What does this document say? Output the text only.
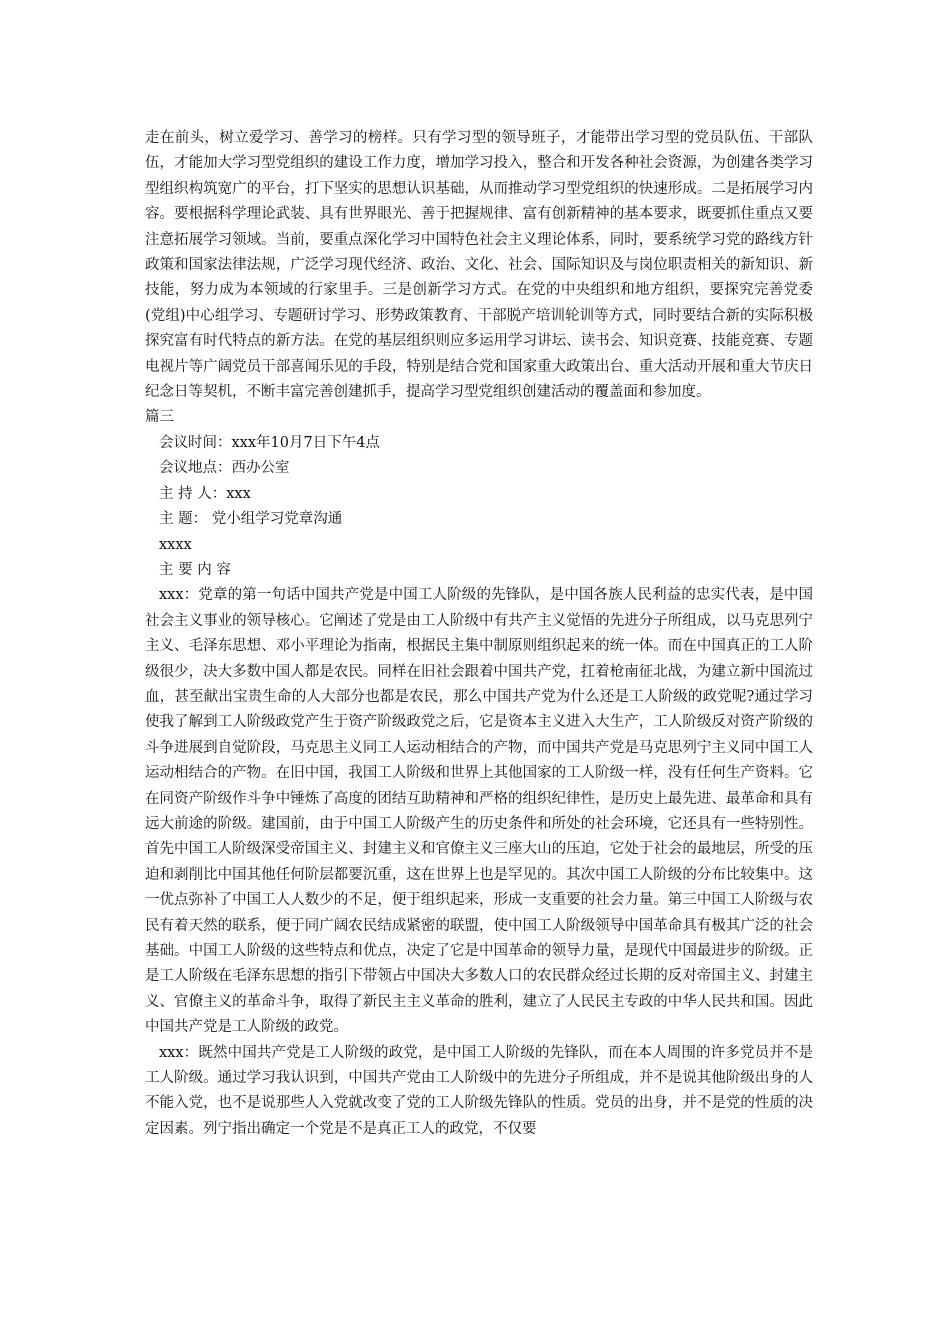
走在前头，树立爱学习、善学习的榜样。只有学习型的领导班子，才能带出学习型的党员队伍、干部队伍，才能加大学习型党组织的建设工作力度，增加学习投入，整合和开发各种社会资源，为创建各类学习型组织构筑宽广的平台，打下坚实的思想认识基础，从而推动学习型党组织的快速形成。二是拓展学习内容。要根据科学理论武装、具有世界眼光、善于把握规律、富有创新精神的基本要求，既要抓住重点又要注意拓展学习领域。当前，要重点深化学习中国特色社会主义理论体系，同时，要系统学习党的路线方针政策和国家法律法规，广泛学习现代经济、政治、文化、社会、国际知识及与岗位职责相关的新知识、新技能，努力成为本领域的行家里手。三是创新学习方式。在党的中央组织和地方组织，要探究完善党委(党组)中心组学习、专题研讨学习、形势政策教育、干部脱产培训轮训等方式，同时要结合新的实际积极探究富有时代特点的新方法。在党的基层组织则应多运用学习讲坛、读书会、知识竞赛、技能竞赛、专题电视片等广阔党员干部喜闻乐见的手段，特别是结合党和国家重大政策出台、重大活动开展和重大节庆日纪念日等契机，不断丰富完善创建抓手，提高学习型党组织创建活动的覆盖面和参加度。

篇三

会议时间：xxx年10月7日下午4点

会议地点：西办公室

主 持 人：xxx

主 题： 党小组学习党章沟通

xxxx

主 要 内 容

xxx：党章的第一句话中国共产党是中国工人阶级的先锋队，是中国各族人民利益的忠实代表，是中国社会主义事业的领导核心。它阐述了党是由工人阶级中有共产主义觉悟的先进分子所组成，以马克思列宁主义、毛泽东思想、邓小平理论为指南，根据民主集中制原则组织起来的统一体。而在中国真正的工人阶级很少，决大多数中国人都是农民。同样在旧社会跟着中国共产党，扛着枪南征北战，为建立新中国流过血，甚至献出宝贵生命的人大部分也都是农民，那么中国共产党为什么还是工人阶级的政党呢?通过学习使我了解到工人阶级政党产生于资产阶级政党之后，它是资本主义进入大生产，工人阶级反对资产阶级的斗争进展到自觉阶段，马克思主义同工人运动相结合的产物，而中国共产党是马克思列宁主义同中国工人运动相结合的产物。在旧中国，我国工人阶级和世界上其他国家的工人阶级一样，没有任何生产资料。它在同资产阶级作斗争中锤炼了高度的团结互助精神和严格的组织纪律性，是历史上最先进、最革命和具有远大前途的阶级。建国前，由于中国工人阶级产生的历史条件和所处的社会环境，它还具有一些特别性。首先中国工人阶级深受帝国主义、封建主义和官僚主义三座大山的压迫，它处于社会的最地层，所受的压迫和剥削比中国其他任何阶层都要沉重，这在世界上也是罕见的。其次中国工人阶级的分布比较集中。这一优点弥补了中国工人人数少的不足，便于组织起来，形成一支重要的社会力量。第三中国工人阶级与农民有着天然的联系，便于同广阔农民结成紧密的联盟，使中国工人阶级领导中国革命具有极其广泛的社会基础。中国工人阶级的这些特点和优点，决定了它是中国革命的领导力量，是现代中国最进步的阶级。正是工人阶级在毛泽东思想的指引下带领占中国决大多数人口的农民群众经过长期的反对帝国主义、封建主义、官僚主义的革命斗争，取得了新民主主义革命的胜利，建立了人民民主专政的中华人民共和国。因此中国共产党是工人阶级的政党。

xxx：既然中国共产党是工人阶级的政党，是中国工人阶级的先锋队，而在本人周围的许多党员并不是工人阶级。通过学习我认识到，中国共产党由工人阶级中的先进分子所组成，并不是说其他阶级出身的人不能入党，也不是说那些人入党就改变了党的工人阶级先锋队的性质。党员的出身，并不是党的性质的决定因素。列宁指出确定一个党是不是真正工人的政党，不仅要
